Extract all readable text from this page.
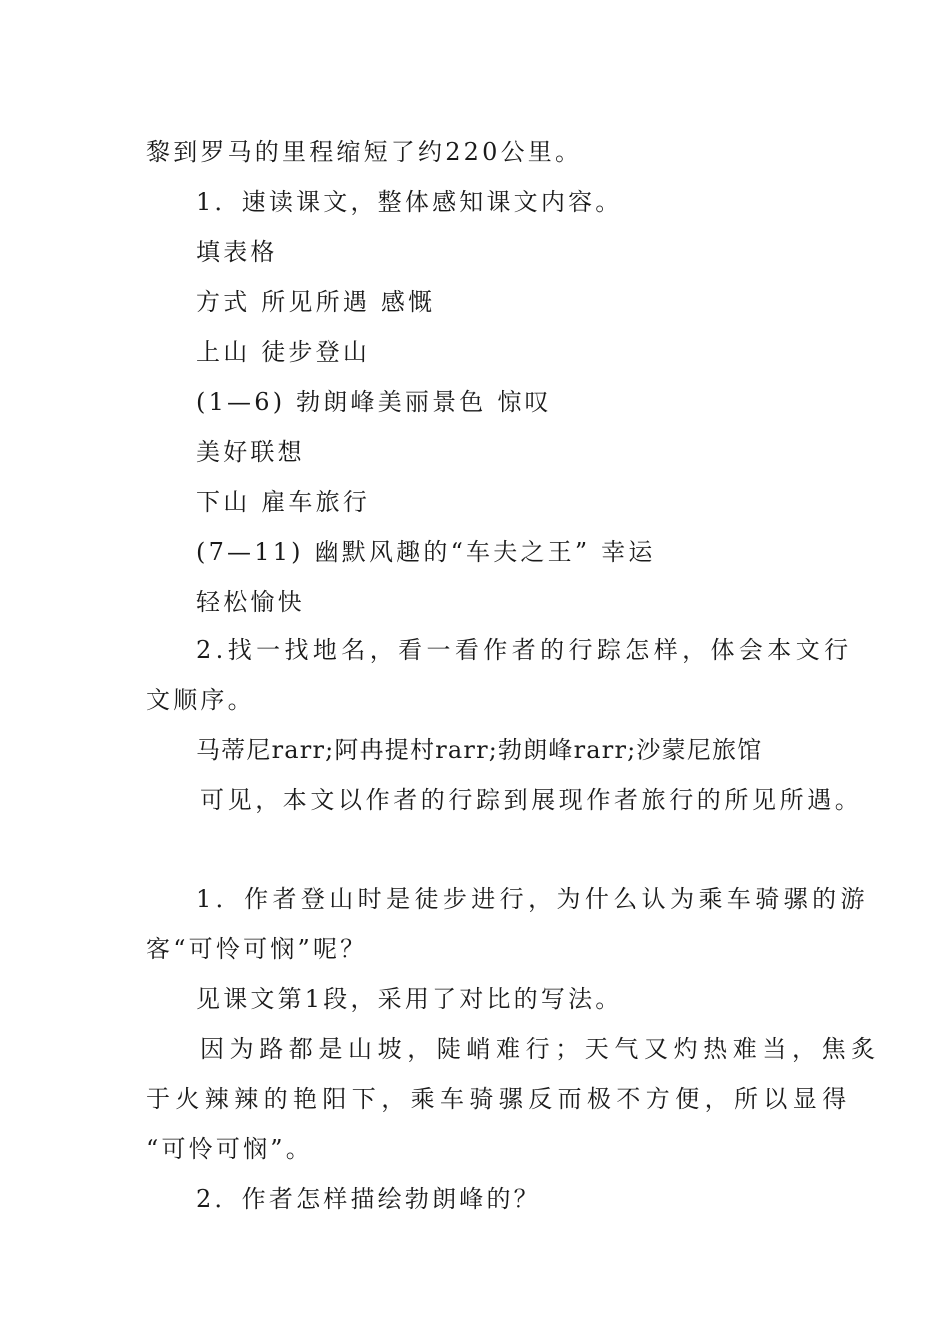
黎到罗马的里程缩短了约220公里。
1．速读课文，整体感知课文内容。
填表格
方式 所见所遇 感慨
上山 徒步登山
(1—6) 勃朗峰美丽景色 惊叹
美好联想
下山 雇车旅行
(7—11) 幽默风趣的“车夫之王” 幸运
轻松愉快
2.找一找地名，看一看作者的行踪怎样，体会本文行
文顺序。
马蒂尼rarr;阿冉提村rarr;勃朗峰rarr;沙蒙尼旅馆
可见，本文以作者的行踪到展现作者旅行的所见所遇。
1．作者登山时是徒步进行，为什么认为乘车骑骡的游
客“可怜可悯”呢？
见课文第1段，采用了对比的写法。
因为路都是山坡，陡峭难行；天气又灼热难当，焦炙
于火辣辣的艳阳下，乘车骑骡反而极不方便，所以显得
“可怜可悯”。
2．作者怎样描绘勃朗峰的？
